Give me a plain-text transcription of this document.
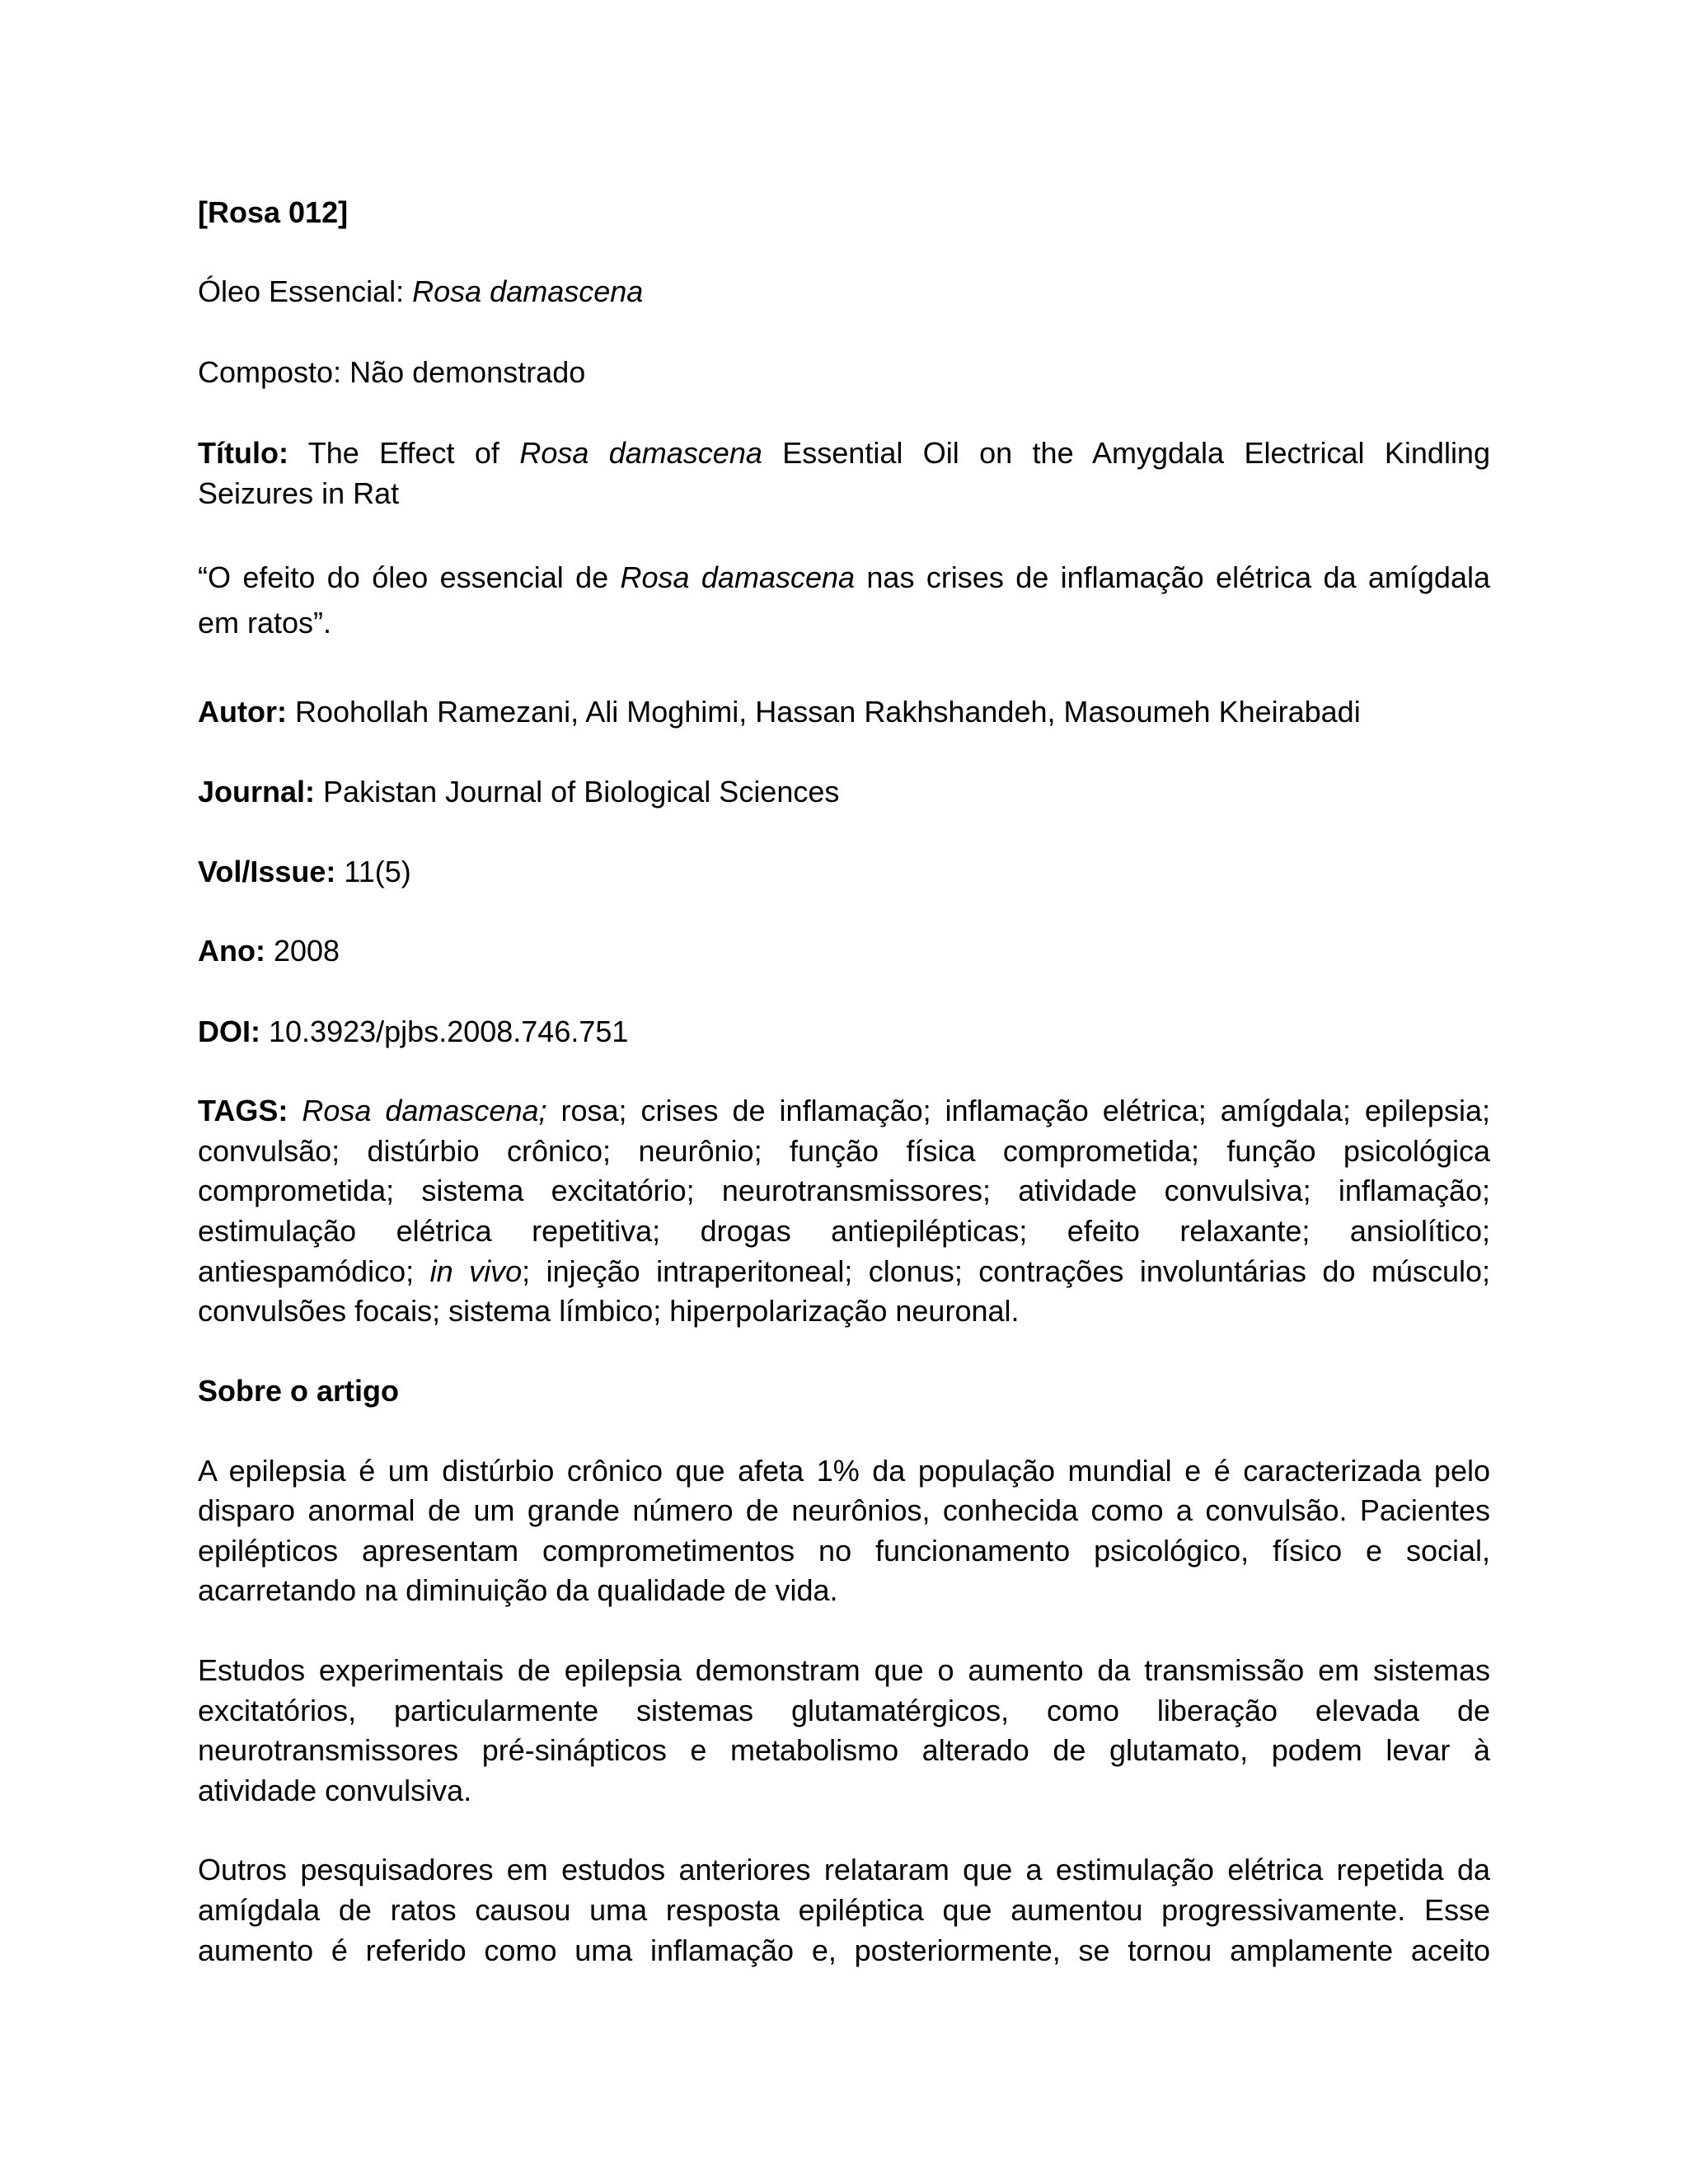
[Rosa 012]
Óleo Essencial: Rosa damascena
Composto: Não demonstrado
Título: The Effect of Rosa damascena Essential Oil on the Amygdala Electrical Kindling
Seizures in Rat
“O efeito do óleo essencial de Rosa damascena nas crises de inflamação elétrica da amígdala
em ratos”.
Autor: Roohollah Ramezani, Ali Moghimi, Hassan Rakhshandeh, Masoumeh Kheirabadi
Journal: Pakistan Journal of Biological Sciences
Vol/Issue: 11(5)
Ano: 2008
DOI: 10.3923/pjbs.2008.746.751
TAGS: Rosa damascena; rosa; crises de inflamação; inflamação elétrica; amígdala; epilepsia;
convulsão; distúrbio crônico; neurônio; função física comprometida; função psicológica
comprometida; sistema excitatório; neurotransmissores; atividade convulsiva; inflamação;
estimulação elétrica repetitiva; drogas antiepilépticas; efeito relaxante; ansiolítico;
antiespamódico; in vivo; injeção intraperitoneal; clonus; contrações involuntárias do músculo;
convulsões focais; sistema límbico; hiperpolarização neuronal.
Sobre o artigo
A epilepsia é um distúrbio crônico que afeta 1% da população mundial e é caracterizada pelo
disparo anormal de um grande número de neurônios, conhecida como a convulsão. Pacientes
epilépticos apresentam comprometimentos no funcionamento psicológico, físico e social,
acarretando na diminuição da qualidade de vida.
Estudos experimentais de epilepsia demonstram que o aumento da transmissão em sistemas
excitatórios, particularmente sistemas glutamatérgicos, como liberação elevada de
neurotransmissores pré-sinápticos e metabolismo alterado de glutamato, podem levar à
atividade convulsiva.
Outros pesquisadores em estudos anteriores relataram que a estimulação elétrica repetida da
amígdala de ratos causou uma resposta epiléptica que aumentou progressivamente. Esse
aumento é referido como uma inflamação e, posteriormente, se tornou amplamente aceito
